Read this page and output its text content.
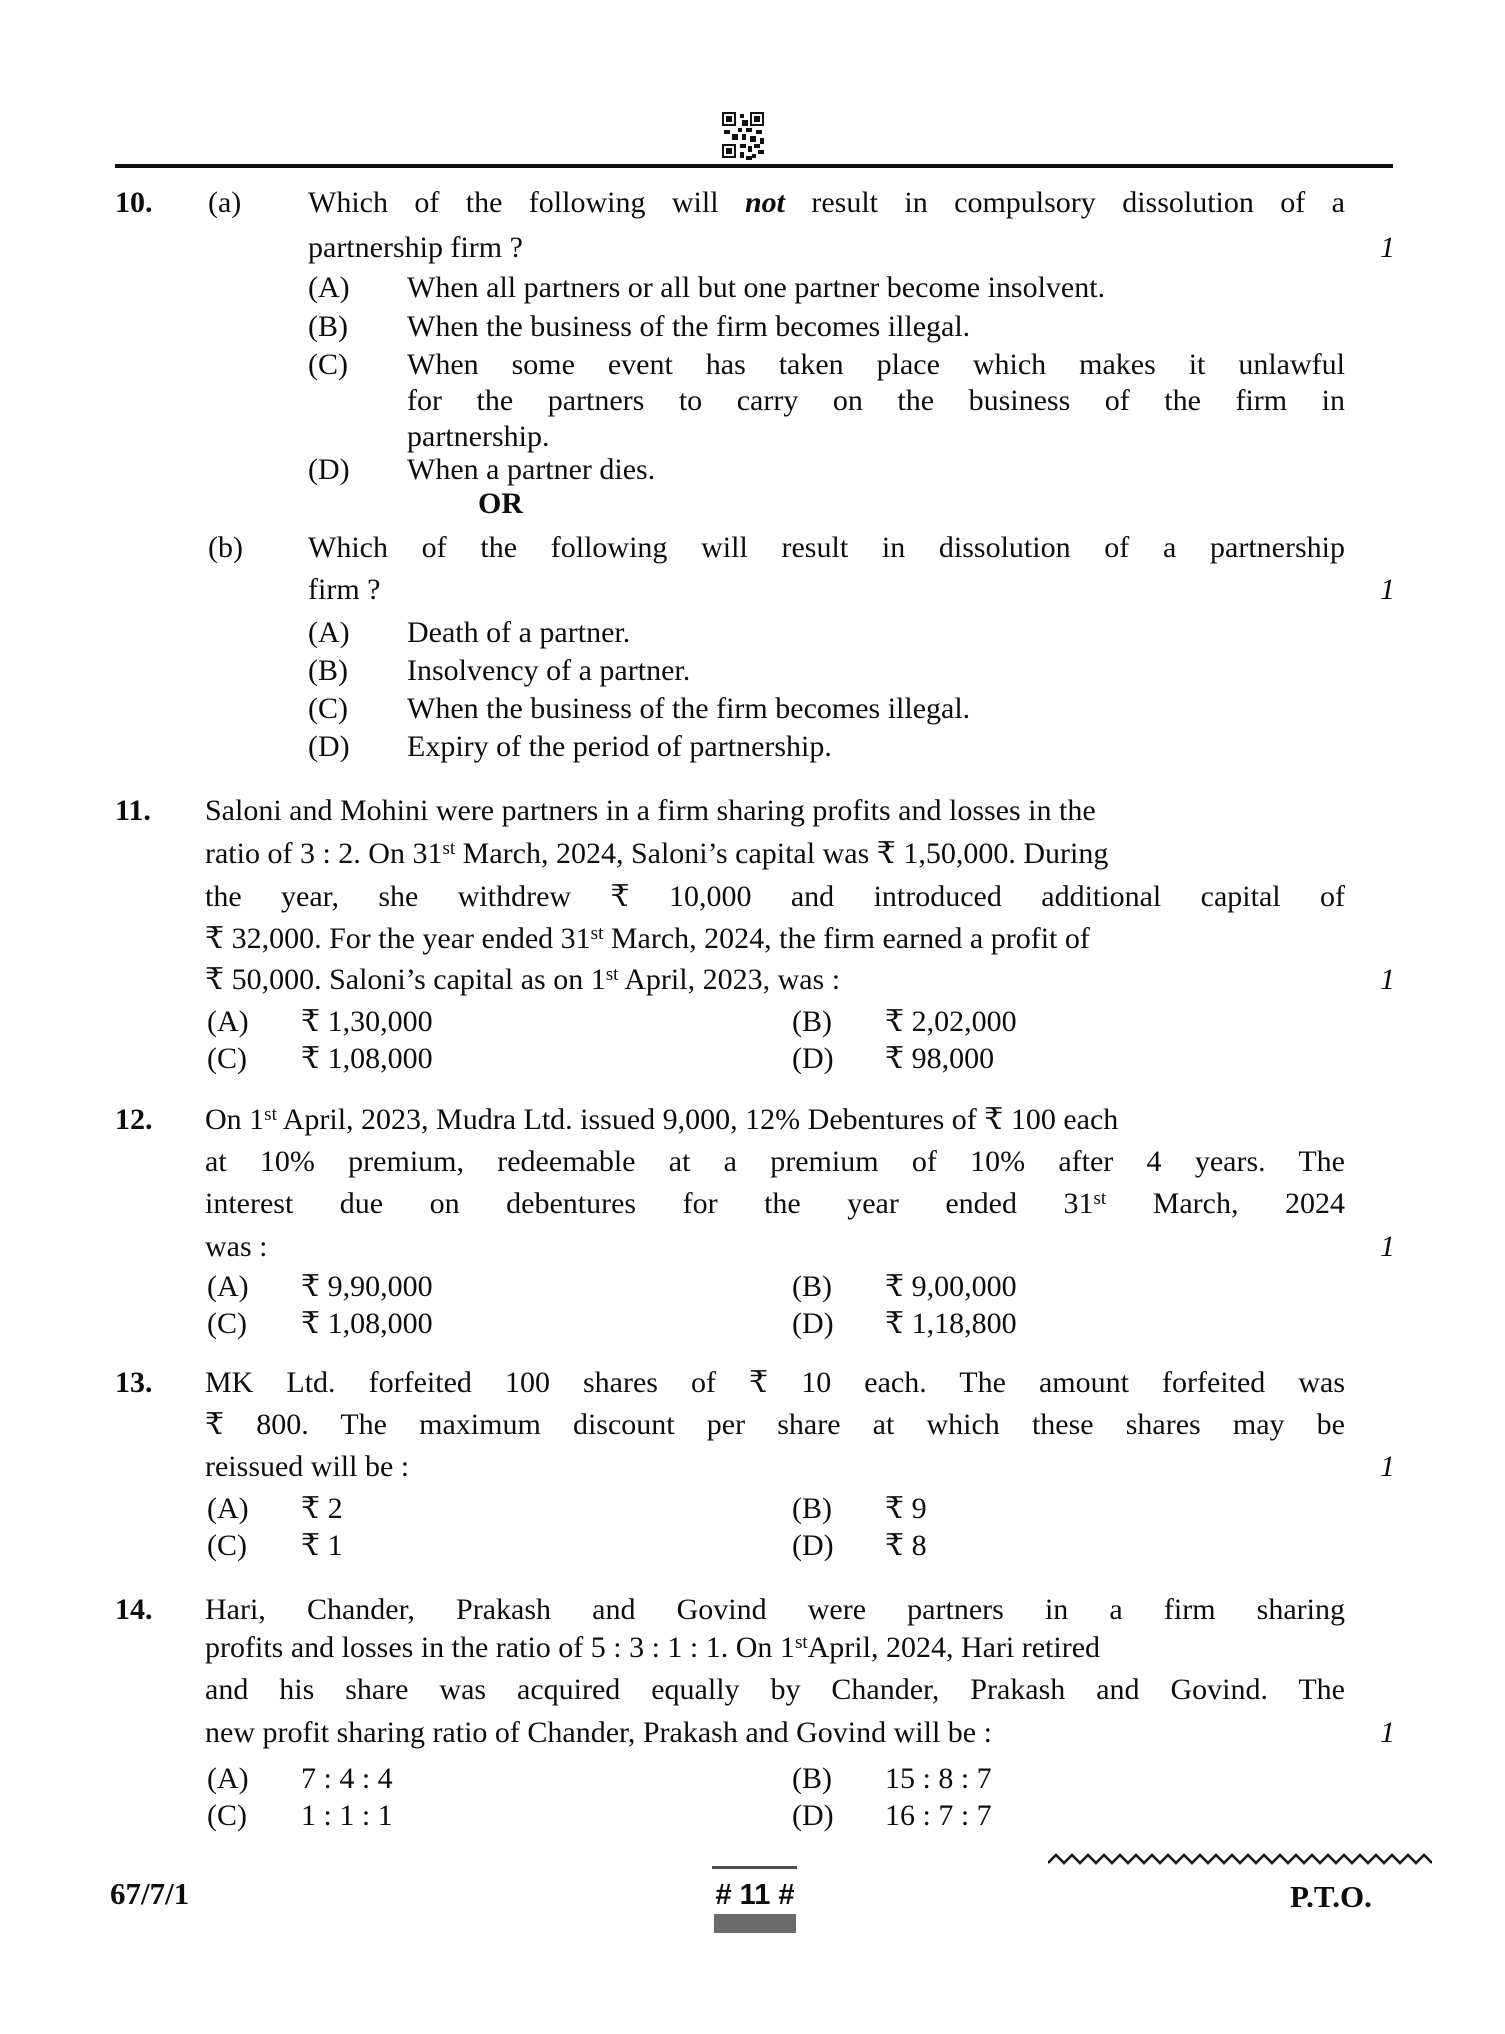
10. (a) Which of the following will not result in compulsory dissolution of a
partnership firm ?	1
(A) When all partners or all but one partner become insolvent.
(B) When the business of the firm becomes illegal.
(C) When some event has taken place which makes it unlawful
for the partners to carry on the business of the firm in
partnership.
(D) When a partner dies.
OR
(b) Which of the following will result in dissolution of a partnership
firm ?	1
(A) Death of a partner.
(B) Insolvency of a partner.
(C) When the business of the firm becomes illegal.
(D) Expiry of the period of partnership.
11. Saloni and Mohini were partners in a firm sharing profits and losses in the
ratio of 3 : 2. On 31st March, 2024, Saloni’s capital was ₹ 1,50,000. During
the year, she withdrew ₹ 10,000 and introduced additional capital of
₹ 32,000. For the year ended 31st March, 2024, the firm earned a profit of
₹ 50,000. Saloni’s capital as on 1st April, 2023, was :	1
(A) ₹ 1,30,000	(B) ₹ 2,02,000
(C) ₹ 1,08,000	(D) ₹ 98,000
12. On 1st April, 2023, Mudra Ltd. issued 9,000, 12% Debentures of ₹ 100 each
at 10% premium, redeemable at a premium of 10% after 4 years. The
interest due on debentures for the year ended 31st March, 2024
was :	1
(A) ₹ 9,90,000	(B) ₹ 9,00,000
(C) ₹ 1,08,000	(D) ₹ 1,18,800
13. MK Ltd. forfeited 100 shares of ₹ 10 each. The amount forfeited was
₹ 800. The maximum discount per share at which these shares may be
reissued will be :	1
(A) ₹ 2	(B) ₹ 9
(C) ₹ 1	(D) ₹ 8
14. Hari, Chander, Prakash and Govind were partners in a firm sharing
profits and losses in the ratio of 5 : 3 : 1 : 1. On 1stApril, 2024, Hari retired
and his share was acquired equally by Chander, Prakash and Govind. The
new profit sharing ratio of Chander, Prakash and Govind will be :	1
(A) 7 : 4 : 4	(B) 15 : 8 : 7
(C) 1 : 1 : 1	(D) 16 : 7 : 7
67/7/1	# 11 #	P.T.O.
